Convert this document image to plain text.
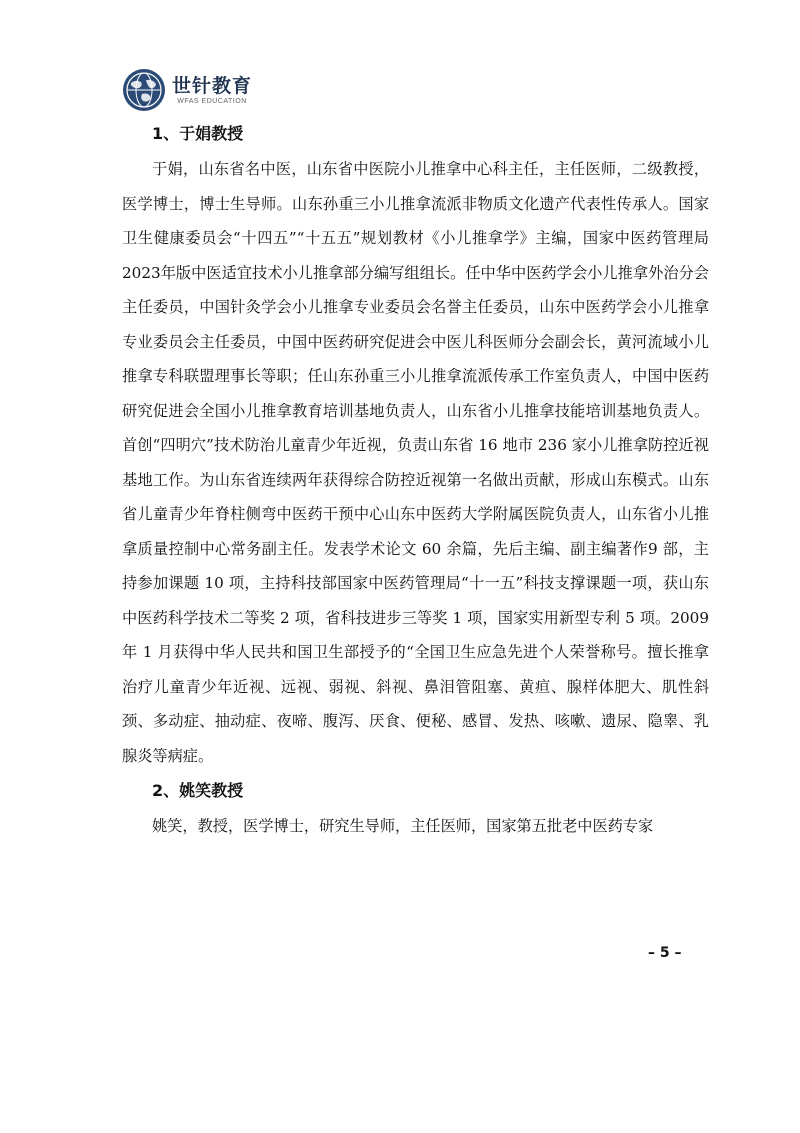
世针教育
WFAS EDUCATION
1、于娟教授

于娟，山东省名中医，山东省中医院小儿推拿中心科主任，主任医师，二级教授，医学博士，博士生导师。山东孙重三小儿推拿流派非物质文化遗产代表性传承人。国家卫生健康委员会“十四五”“十五五”规划教材《小儿推拿学》主编，国家中医药管理局2023年版中医适宜技术小儿推拿部分编写组组长。任中华中医药学会小儿推拿外治分会主任委员，中国针灸学会小儿推拿专业委员会名誉主任委员，山东中医药学会小儿推拿专业委员会主任委员，中国中医药研究促进会中医儿科医师分会副会长，黄河流域小儿推拿专科联盟理事长等职；任山东孙重三小儿推拿流派传承工作室负责人，中国中医药研究促进会全国小儿推拿教育培训基地负责人，山东省小儿推拿技能培训基地负责人。首创“四明穴”技术防治儿童青少年近视，负责山东省 16 地市 236 家小儿推拿防控近视基地工作。为山东省连续两年获得综合防控近视第一名做出贡献，形成山东模式。山东省儿童青少年脊柱侧弯中医药干预中心山东中医药大学附属医院负责人，山东省小儿推拿质量控制中心常务副主任。发表学术论文 60 余篇，先后主编、副主编著作9 部，主持参加课题 10 项，主持科技部国家中医药管理局“十一五”科技支撑课题一项，获山东中医药科学技术二等奖 2 项，省科技进步三等奖 1 项，国家实用新型专利 5 项。2009 年 1 月获得中华人民共和国卫生部授予的“全国卫生应急先进个人荣誉称号。擅长推拿治疗儿童青少年近视、远视、弱视、斜视、鼻泪管阻塞、黄疸、腺样体肥大、肌性斜颈、多动症、抽动症、夜啼、腹泻、厌食、便秘、感冒、发热、咳嗽、遗尿、隐睾、乳腺炎等病症。

2、姚笑教授

姚笑，教授，医学博士，研究生导师，主任医师，国家第五批老中医药专家

– 5 –
